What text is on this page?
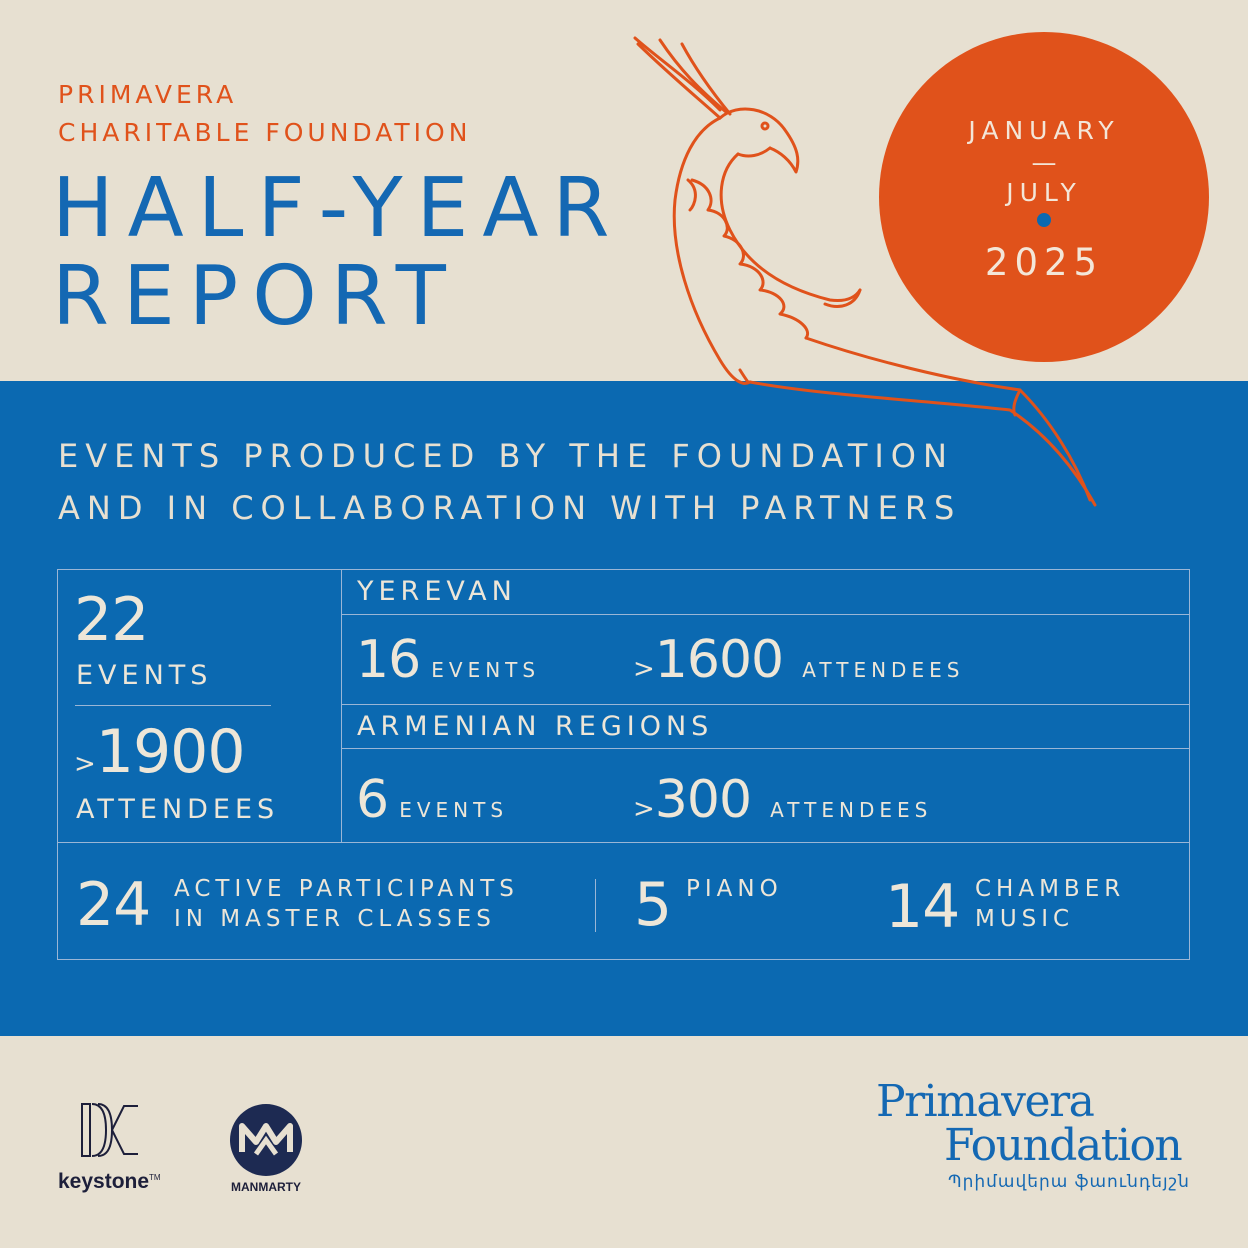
PRIMAVERA
CHARITABLE FOUNDATION
HALF-YEAR
REPORT
JANUARY
—
JULY
2025
EVENTS PRODUCED BY THE FOUNDATION
AND IN COLLABORATION WITH PARTNERS
22
EVENTS
>1900
ATTENDEES
YEREVAN
16 EVENTS	>1600 ATTENDEES
ARMENIAN REGIONS
6 EVENTS	>300 ATTENDEES
24 ACTIVE PARTICIPANTS
IN MASTER CLASSES 5 PIANO 14 CHAMBER
MUSIC
keystone™
MANMARTY
Primavera
Foundation
Պրիմավերա ֆաունդեյշն
